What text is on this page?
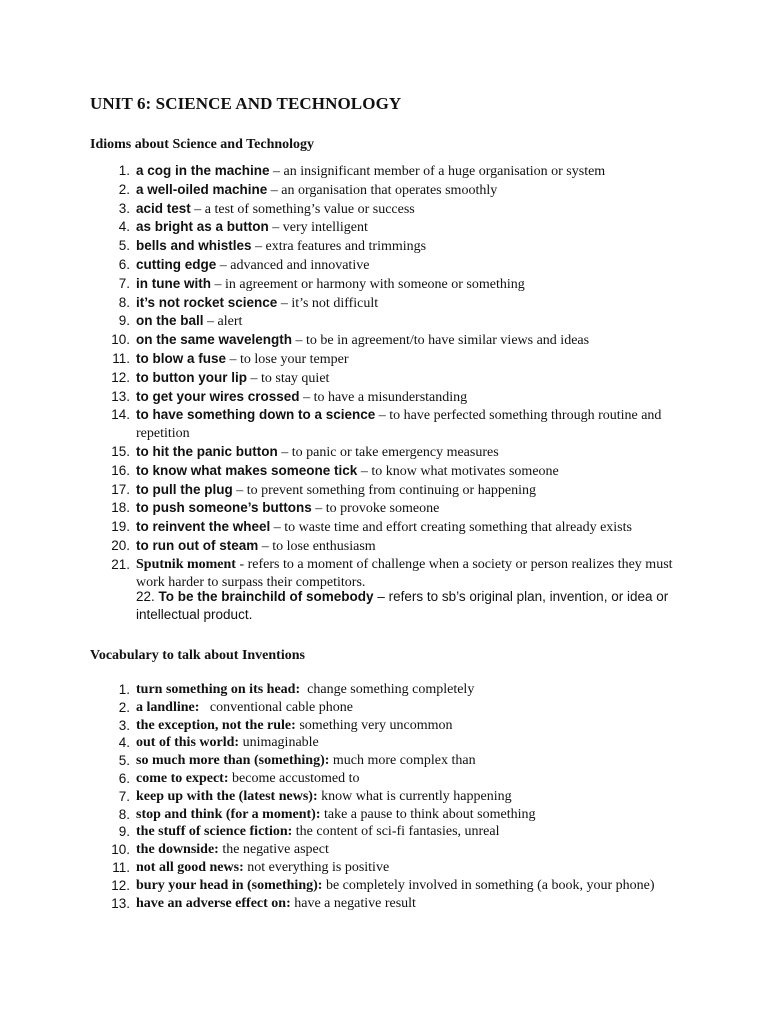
UNIT 6: SCIENCE AND TECHNOLOGY
Idioms about Science and Technology
1. a cog in the machine – an insignificant member of a huge organisation or system
2. a well-oiled machine – an organisation that operates smoothly
3. acid test – a test of something’s value or success
4. as bright as a button – very intelligent
5. bells and whistles – extra features and trimmings
6. cutting edge – advanced and innovative
7. in tune with – in agreement or harmony with someone or something
8. it’s not rocket science – it’s not difficult
9. on the ball – alert
10. on the same wavelength – to be in agreement/to have similar views and ideas
11. to blow a fuse – to lose your temper
12. to button your lip – to stay quiet
13. to get your wires crossed – to have a misunderstanding
14. to have something down to a science – to have perfected something through routine and repetition
15. to hit the panic button – to panic or take emergency measures
16. to know what makes someone tick – to know what motivates someone
17. to pull the plug – to prevent something from continuing or happening
18. to push someone’s buttons – to provoke someone
19. to reinvent the wheel – to waste time and effort creating something that already exists
20. to run out of steam – to lose enthusiasm
21. Sputnik moment - refers to a moment of challenge when a society or person realizes they must work harder to surpass their competitors.
22. To be the brainchild of somebody – refers to sb’s original plan, invention, or idea or intellectual product.
Vocabulary to talk about Inventions
1. turn something on its head:  change something completely
2. a landline:   conventional cable phone
3. the exception, not the rule: something very uncommon
4. out of this world: unimaginable
5. so much more than (something): much more complex than
6. come to expect: become accustomed to
7. keep up with the (latest news): know what is currently happening
8. stop and think (for a moment): take a pause to think about something
9. the stuff of science fiction: the content of sci-fi fantasies, unreal
10. the downside: the negative aspect
11. not all good news: not everything is positive
12. bury your head in (something): be completely involved in something (a book, your phone)
13. have an adverse effect on: have a negative result
